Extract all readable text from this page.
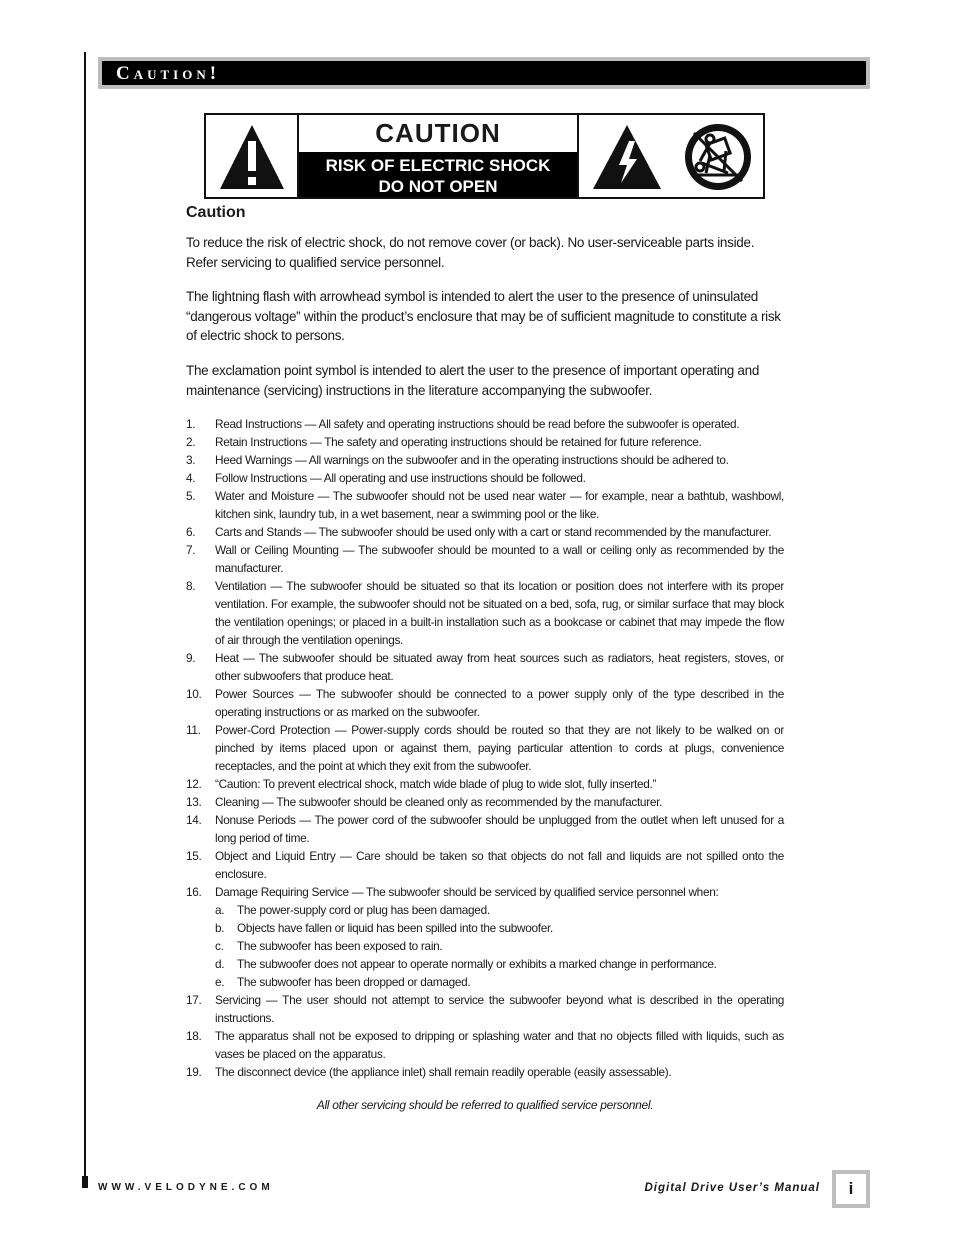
Caution!
CAUTION
RISK OF ELECTRIC SHOCK
DO NOT OPEN
Caution

To reduce the risk of electric shock, do not remove cover (or back). No user-serviceable parts inside. Refer servicing to qualified service personnel.

The lightning flash with arrowhead symbol is intended to alert the user to the presence of uninsulated “dangerous voltage” within the product’s enclosure that may be of sufficient magnitude to constitute a risk of electric shock to persons.

The exclamation point symbol is intended to alert the user to the presence of important operating and maintenance (servicing) instructions in the literature accompanying the subwoofer.

1. Read Instructions — All safety and operating instructions should be read before the subwoofer is operated.
2. Retain Instructions — The safety and operating instructions should be retained for future reference.
3. Heed Warnings — All warnings on the subwoofer and in the operating instructions should be adhered to.
4. Follow Instructions — All operating and use instructions should be followed.
5. Water and Moisture — The subwoofer should not be used near water — for example, near a bathtub, washbowl, kitchen sink, laundry tub, in a wet basement, near a swimming pool or the like.
6. Carts and Stands — The subwoofer should be used only with a cart or stand recommended by the manufacturer.
7. Wall or Ceiling Mounting — The subwoofer should be mounted to a wall or ceiling only as recommended by the manufacturer.
8. Ventilation — The subwoofer should be situated so that its location or position does not interfere with its proper ventilation. For example, the subwoofer should not be situated on a bed, sofa, rug, or similar surface that may block the ventilation openings; or placed in a built-in installation such as a bookcase or cabinet that may impede the flow of air through the ventilation openings.
9. Heat — The subwoofer should be situated away from heat sources such as radiators, heat registers, stoves, or other subwoofers that produce heat.
10. Power Sources — The subwoofer should be connected to a power supply only of the type described in the operating instructions or as marked on the subwoofer.
11. Power-Cord Protection — Power-supply cords should be routed so that they are not likely to be walked on or pinched by items placed upon or against them, paying particular attention to cords at plugs, convenience receptacles, and the point at which they exit from the subwoofer.
12. “Caution: To prevent electrical shock, match wide blade of plug to wide slot, fully inserted.”
13. Cleaning — The subwoofer should be cleaned only as recommended by the manufacturer.
14. Nonuse Periods — The power cord of the subwoofer should be unplugged from the outlet when left unused for a long period of time.
15. Object and Liquid Entry — Care should be taken so that objects do not fall and liquids are not spilled onto the enclosure.
16. Damage Requiring Service — The subwoofer should be serviced by qualified service personnel when:
a. The power-supply cord or plug has been damaged.
b. Objects have fallen or liquid has been spilled into the subwoofer.
c. The subwoofer has been exposed to rain.
d. The subwoofer does not appear to operate normally or exhibits a marked change in performance.
e. The subwoofer has been dropped or damaged.
17. Servicing — The user should not attempt to service the subwoofer beyond what is described in the operating instructions.
18. The apparatus shall not be exposed to dripping or splashing water and that no objects filled with liquids, such as vases be placed on the apparatus.
19. The disconnect device (the appliance inlet) shall remain readily operable (easily assessable).
All other servicing should be referred to qualified service personnel.
WWW.VELODYNE.COM	Digital Drive User’s Manual	i
